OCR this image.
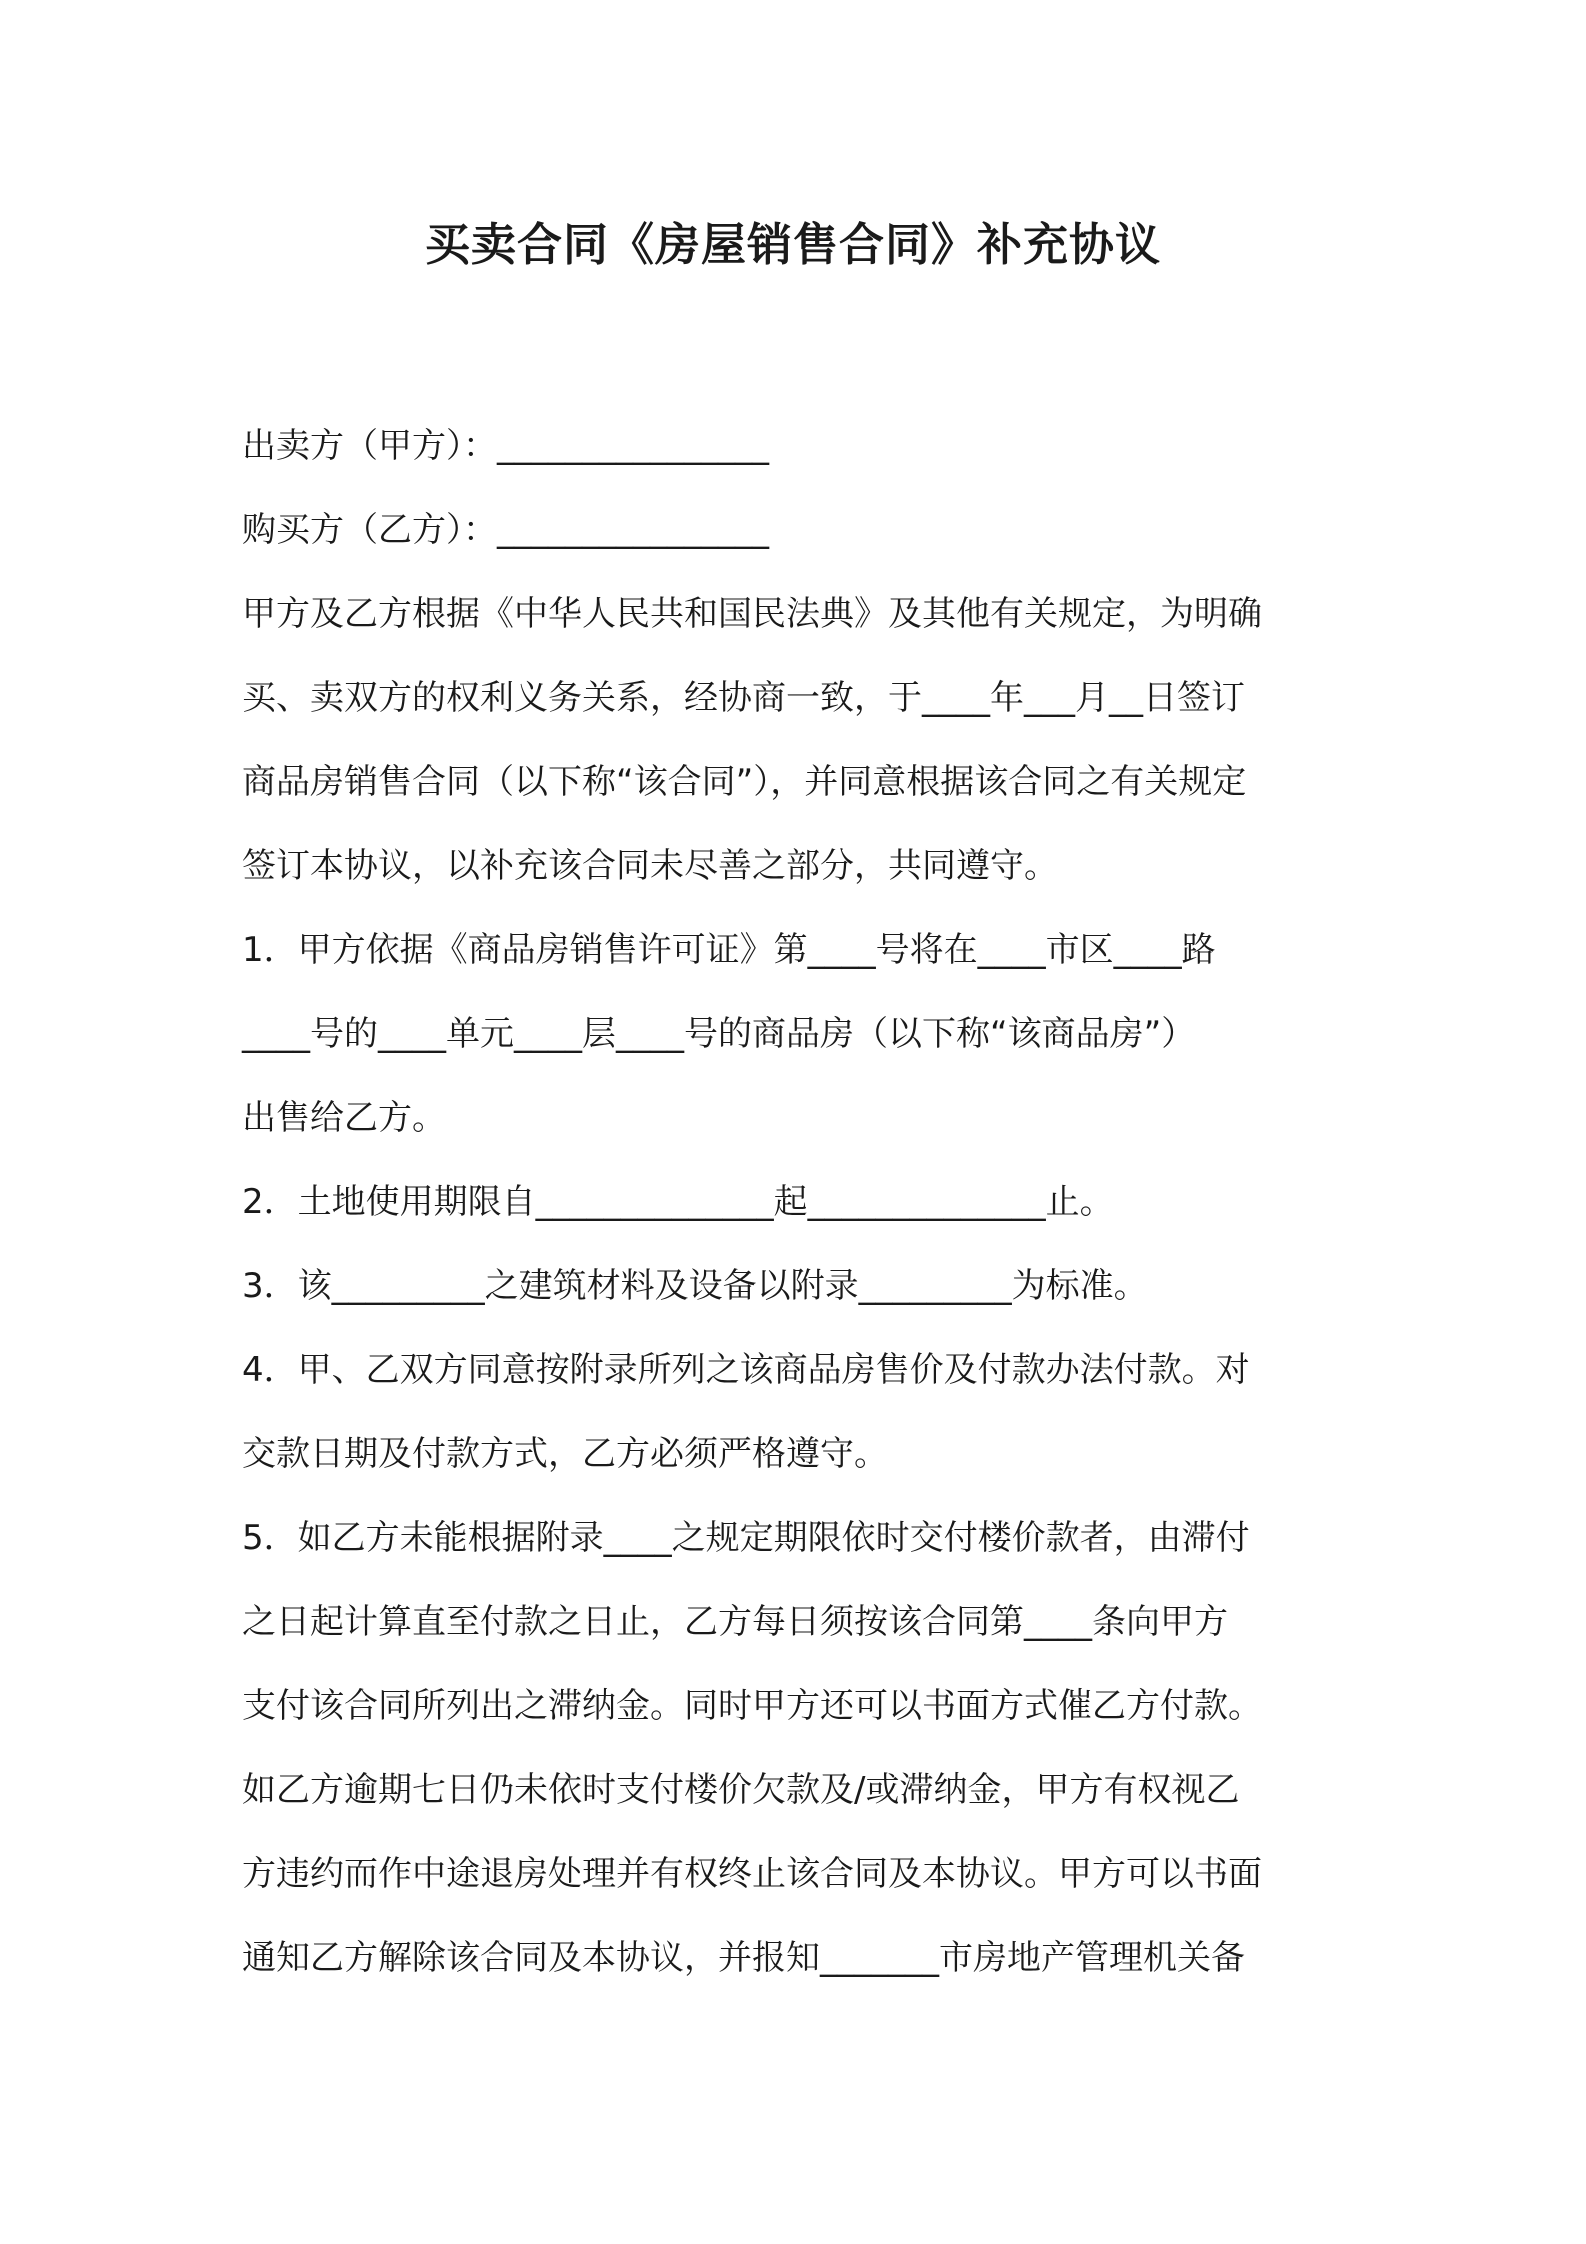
买卖合同《房屋销售合同》补充协议
出卖方（甲方）：________________
购买方（乙方）：________________
甲方及乙方根据《中华人民共和国民法典》及其他有关规定，为明确
买、卖双方的权利义务关系，经协商一致，于____年___月__日签订
商品房销售合同（以下称“该合同”），并同意根据该合同之有关规定
签订本协议，以补充该合同未尽善之部分，共同遵守。
1．甲方依据《商品房销售许可证》第____号将在____市区____路
____号的____单元____层____号的商品房（以下称“该商品房”）
出售给乙方。
2．土地使用期限自______________起______________止。
3．该_________之建筑材料及设备以附录_________为标准。
4．甲、乙双方同意按附录所列之该商品房售价及付款办法付款。对
交款日期及付款方式，乙方必须严格遵守。
5．如乙方未能根据附录____之规定期限依时交付楼价款者，由滞付
之日起计算直至付款之日止，乙方每日须按该合同第____条向甲方
支付该合同所列出之滞纳金。同时甲方还可以书面方式催乙方付款。
如乙方逾期七日仍未依时支付楼价欠款及/或滞纳金，甲方有权视乙
方违约而作中途退房处理并有权终止该合同及本协议。甲方可以书面
通知乙方解除该合同及本协议，并报知_______市房地产管理机关备
